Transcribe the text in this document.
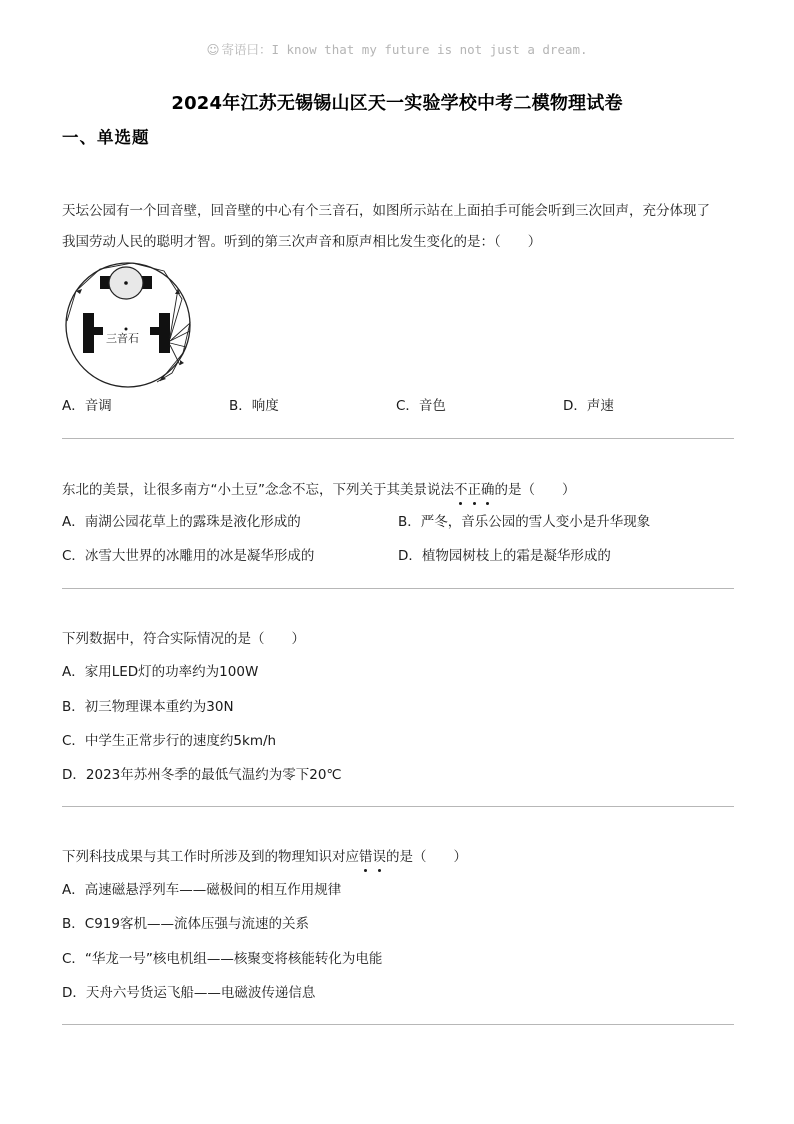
☺ 寄语曰：I know that my future is not just a dream.
2024年江苏无锡锡山区天一实验学校中考二模物理试卷
一、单选题
天坛公园有一个回音壁，回音壁的中心有个三音石，如图所示站在上面拍手可能会听到三次回声，充分体现了
我国劳动人民的聪明才智。听到的第三次声音和原声相比发生变化的是：（　　）
三音石
A．音调	B．响度	C．音色	D．声速
东北的美景，让很多南方“小土豆”念念不忘，下列关于其美景说法不正确的是（　　）
A．南湖公园花草上的露珠是液化形成的	B．严冬，音乐公园的雪人变小是升华现象
C．冰雪大世界的冰雕用的冰是凝华形成的	D．植物园树枝上的霜是凝华形成的
下列数据中，符合实际情况的是（　　）
A．家用LED灯的功率约为100W
B．初三物理课本重约为30N
C．中学生正常步行的速度约5km/h
D．2023年苏州冬季的最低气温约为零下20℃
下列科技成果与其工作时所涉及到的物理知识对应错误的是（　　）
A．高速磁悬浮列车——磁极间的相互作用规律
B．C919客机——流体压强与流速的关系
C．“华龙一号”核电机组——核聚变将核能转化为电能
D．天舟六号货运飞船——电磁波传递信息
